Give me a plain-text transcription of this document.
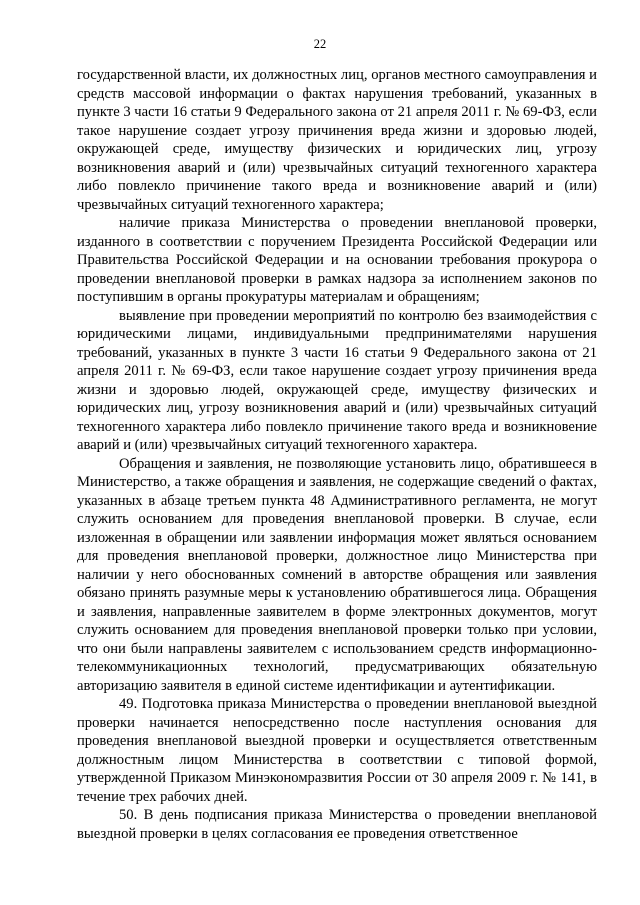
22

государственной власти, их должностных лиц, органов местного самоуправления и средств массовой информации о фактах нарушения требований, указанных в пункте 3 части 16 статьи 9 Федерального закона от 21 апреля 2011 г. № 69-ФЗ, если такое нарушение создает угрозу причинения вреда жизни и здоровью людей, окружающей среде, имуществу физических и юридических лиц, угрозу возникновения аварий и (или) чрезвычайных ситуаций техногенного характера либо повлекло причинение такого вреда и возникновение аварий и (или) чрезвычайных ситуаций техногенного характера;

наличие приказа Министерства о проведении внеплановой проверки, изданного в соответствии с поручением Президента Российской Федерации или Правительства Российской Федерации и на основании требования прокурора о проведении внеплановой проверки в рамках надзора за исполнением законов по поступившим в органы прокуратуры материалам и обращениям;

выявление при проведении мероприятий по контролю без взаимодействия с юридическими лицами, индивидуальными предпринимателями нарушения требований, указанных в пункте 3 части 16 статьи 9 Федерального закона от 21 апреля 2011 г. № 69-ФЗ, если такое нарушение создает угрозу причинения вреда жизни и здоровью людей, окружающей среде, имуществу физических и юридических лиц, угрозу возникновения аварий и (или) чрезвычайных ситуаций техногенного характера либо повлекло причинение такого вреда и возникновение аварий и (или) чрезвычайных ситуаций техногенного характера.

Обращения и заявления, не позволяющие установить лицо, обратившееся в Министерство, а также обращения и заявления, не содержащие сведений о фактах, указанных в абзаце третьем пункта 48 Административного регламента, не могут служить основанием для проведения внеплановой проверки. В случае, если изложенная в обращении или заявлении информация может являться основанием для проведения внеплановой проверки, должностное лицо Министерства при наличии у него обоснованных сомнений в авторстве обращения или заявления обязано принять разумные меры к установлению обратившегося лица. Обращения и заявления, направленные заявителем в форме электронных документов, могут служить основанием для проведения внеплановой проверки только при условии, что они были направлены заявителем с использованием средств информационно-телекоммуникационных технологий, предусматривающих обязательную авторизацию заявителя в единой системе идентификации и аутентификации.

49. Подготовка приказа Министерства о проведении внеплановой выездной проверки начинается непосредственно после наступления основания для проведения внеплановой выездной проверки и осуществляется ответственным должностным лицом Министерства в соответствии с типовой формой, утвержденной Приказом Минэкономразвития России от 30 апреля 2009 г. № 141, в течение трех рабочих дней.

50. В день подписания приказа Министерства о проведении внеплановой выездной проверки в целях согласования ее проведения ответственное
